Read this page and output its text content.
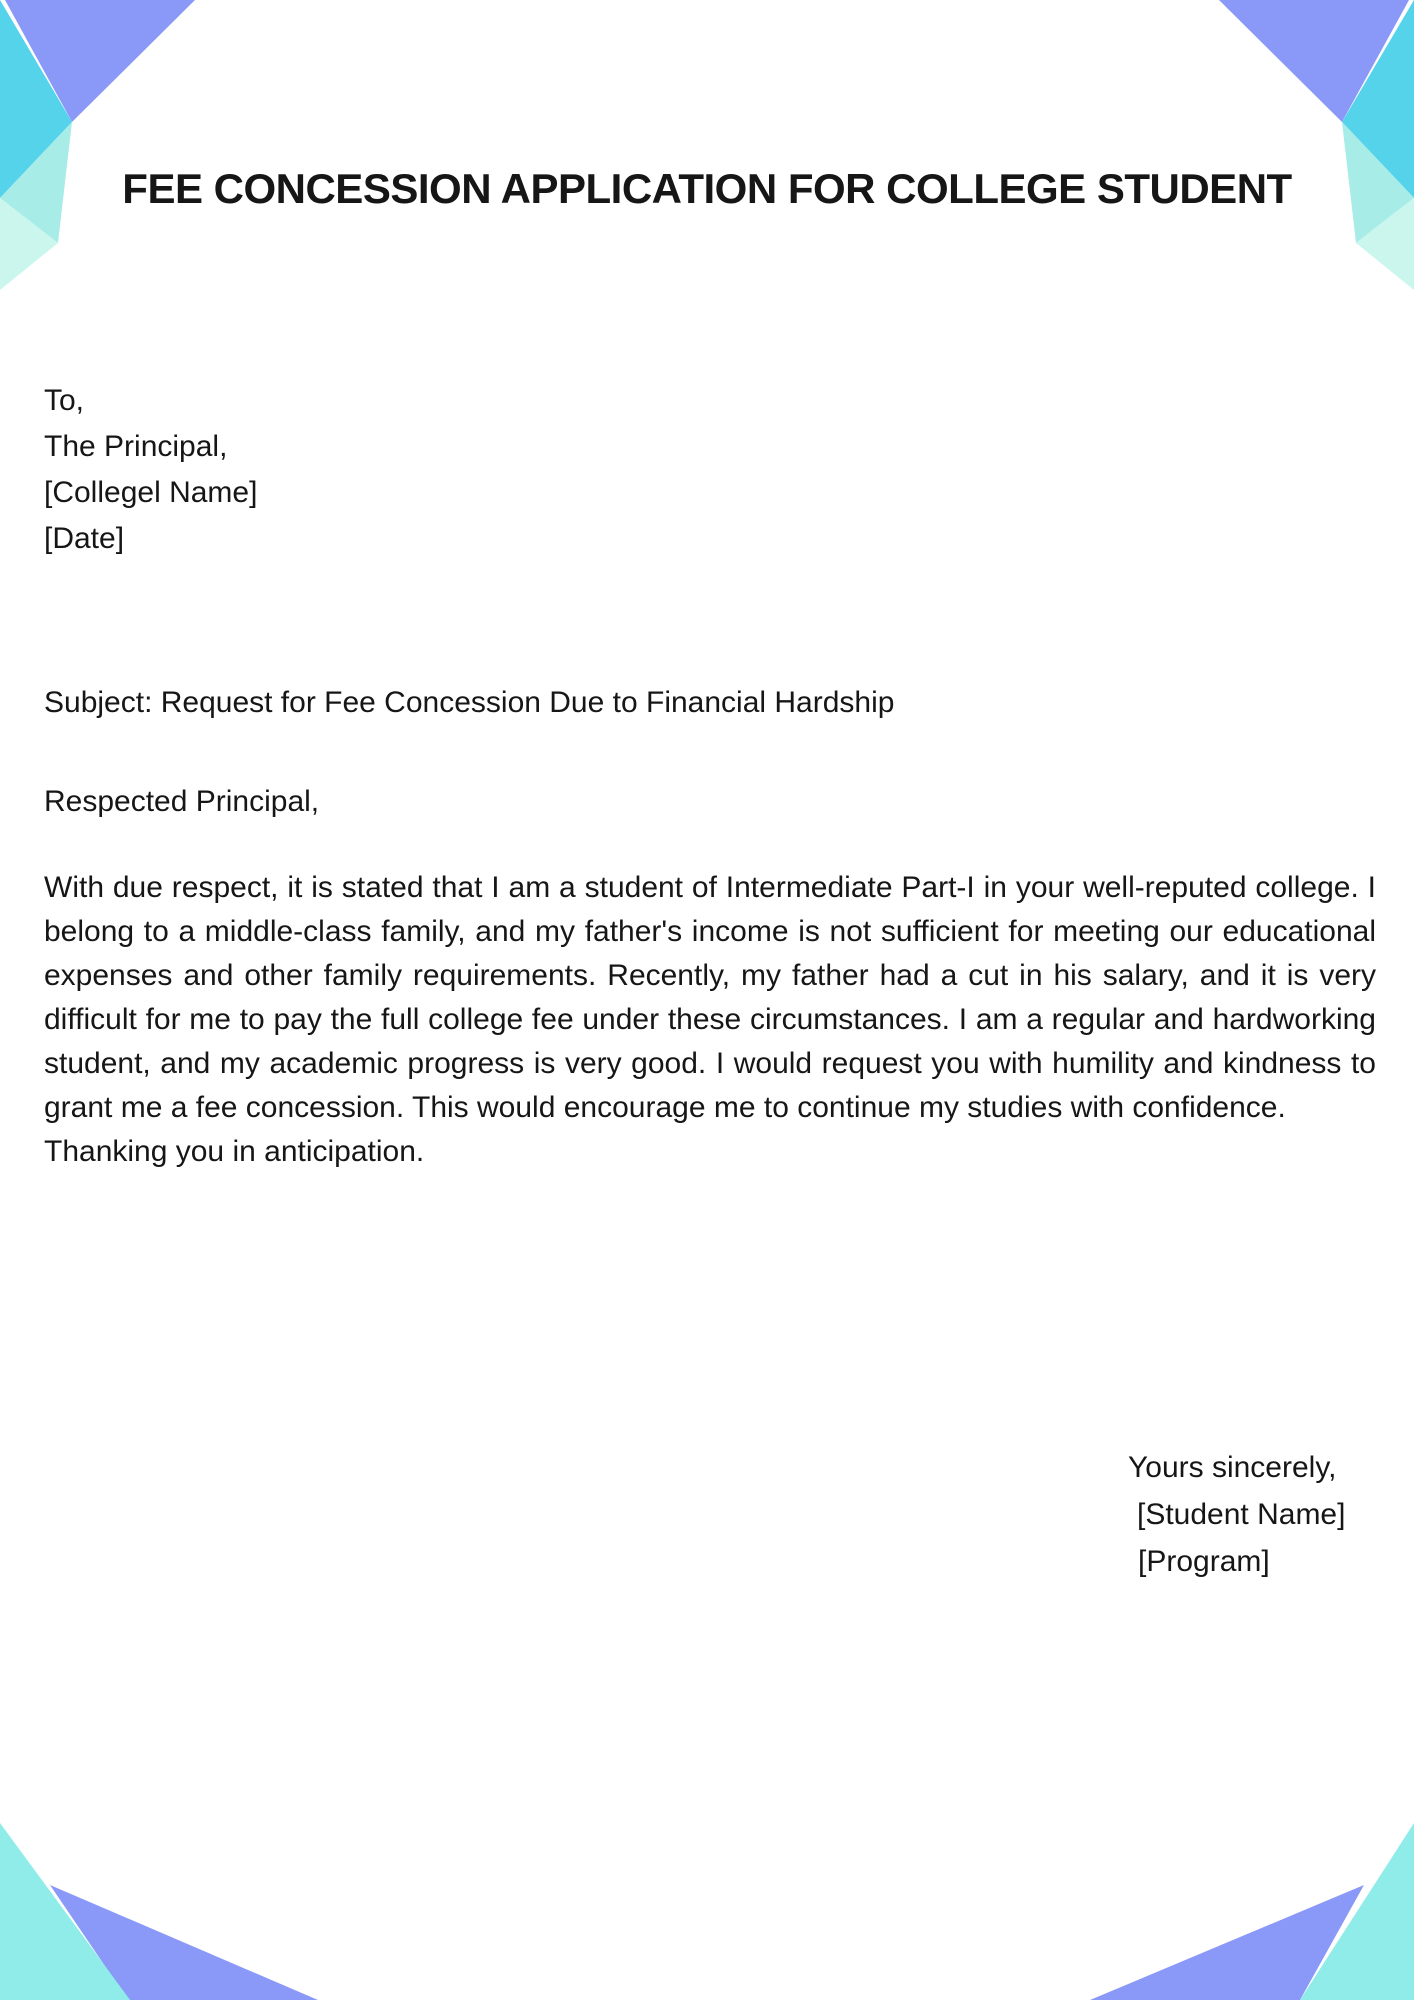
FEE CONCESSION APPLICATION FOR COLLEGE STUDENT
To,
The Principal,
[Collegel Name]
[Date]
Subject: Request for Fee Concession Due to Financial Hardship
Respected Principal,

With due respect, it is stated that I am a student of Intermediate Part-I in your well-reputed college. I belong to a middle-class family, and my father's income is not sufficient for meeting our educational expenses and other family requirements. Recently, my father had a cut in his salary, and it is very difficult for me to pay the full college fee under these circumstances. I am a regular and hardworking student, and my academic progress is very good. I would request you with humility and kindness to grant me a fee concession. This would encourage me to continue my studies with confidence.

Thanking you in anticipation.
Yours sincerely,
[Student Name]
[Program]
